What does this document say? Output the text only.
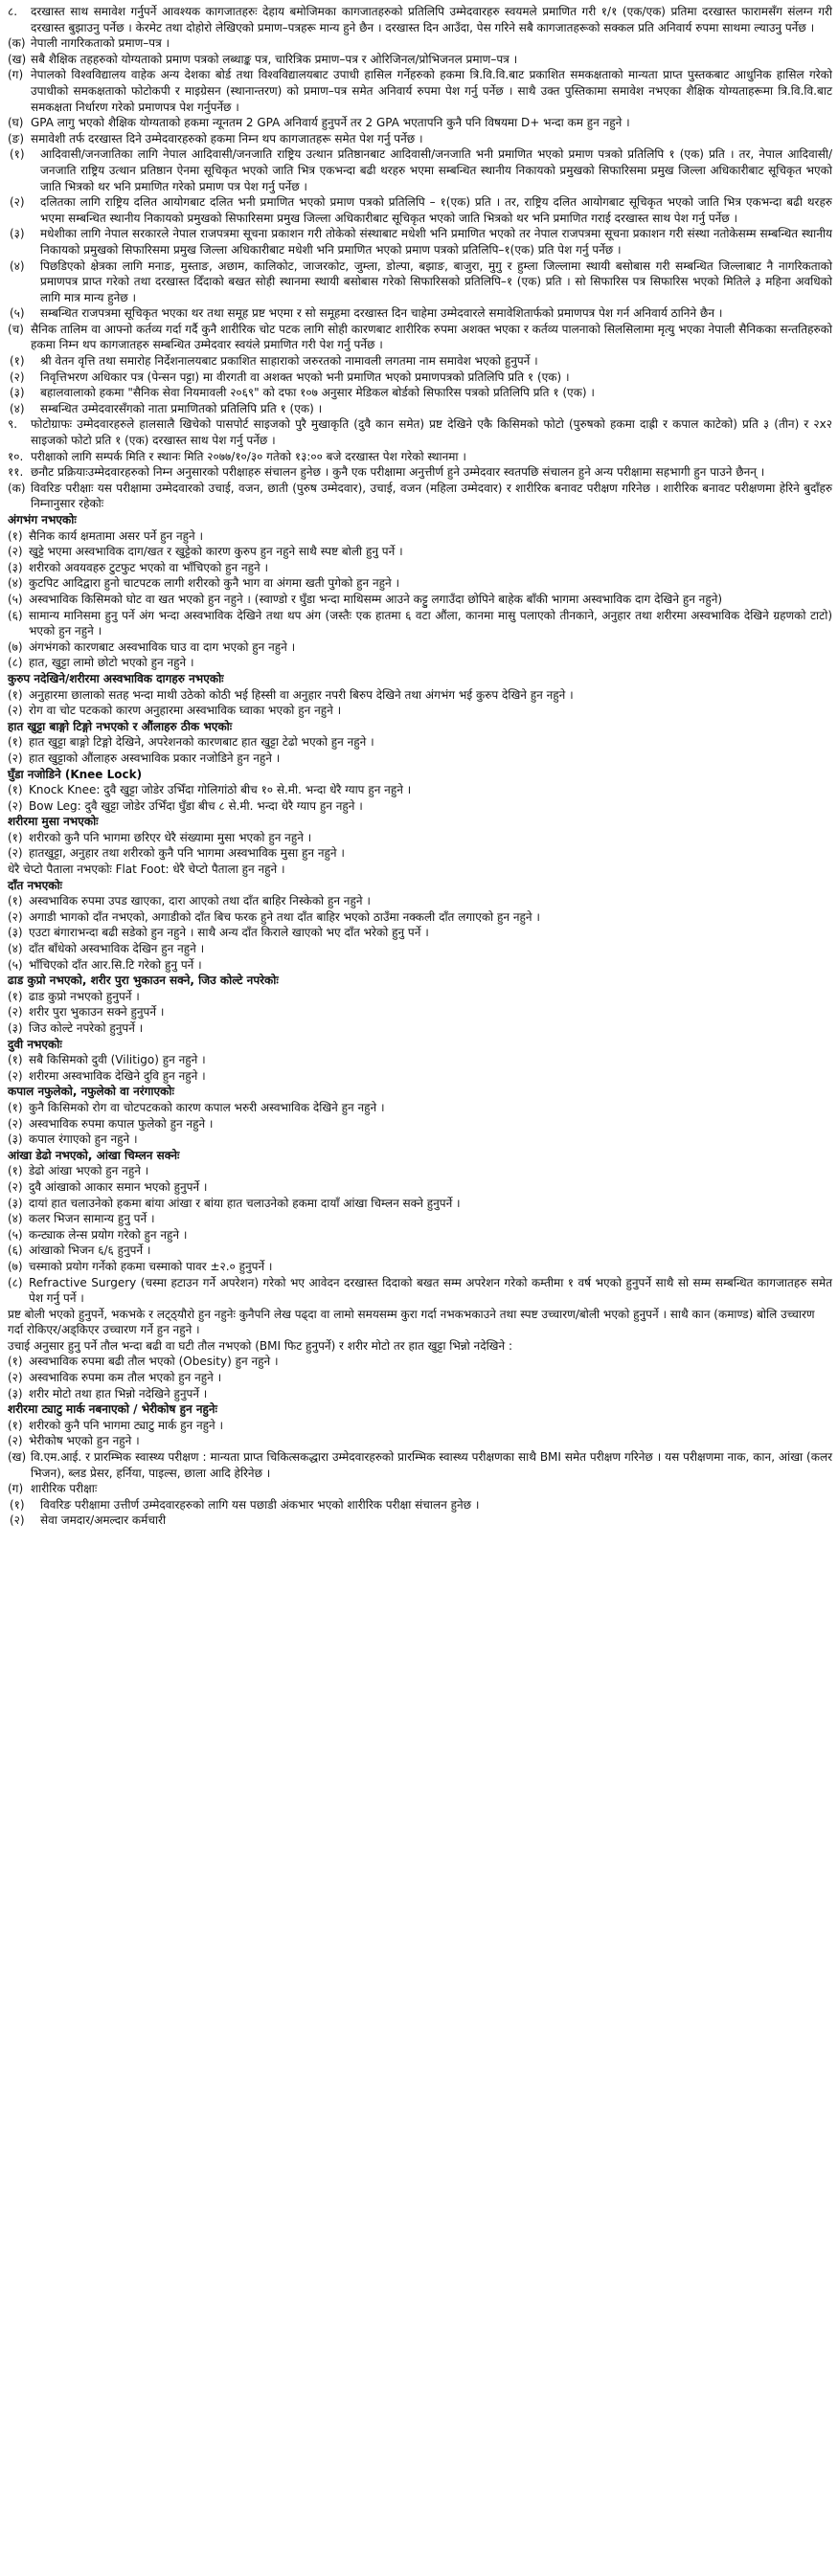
८.	दरखास्त साथ समावेश गर्नुपर्ने आवश्यक कागजातहरुः देहाय बमोजिमका कागजातहरुको प्रतिलिपि उम्मेदवारहरु स्वयमले प्रमाणित गरी १/१ (एक/एक) प्रतिमा दरखास्त फारामसँग संलग्न गरी दरखास्त बुझाउनु पर्नेछ । केरमेट तथा दोहोरो लेखिएको प्रमाण–पत्रहरू मान्य हुने छैन । दरखास्त दिन आउँदा, पेस गरिने सबै कागजातहरूको सक्कल प्रति अनिवार्य रुपमा साथमा ल्याउनु पर्नेछ ।
(क) नेपाली नागरिकताको प्रमाण–पत्र ।
(ख) सबै शैक्षिक तहहरुको योग्यताको प्रमाण पत्रको लब्धाङ्क पत्र, चारित्रिक प्रमाण–पत्र र ओरिजिनल/प्रोभिजनल प्रमाण–पत्र ।
(ग) नेपालको विश्वविद्यालय वाहेक अन्य देशका बोर्ड तथा विश्वविद्यालयबाट उपाधी हासिल गर्नेहरुको हकमा त्रि.वि.वि.बाट प्रकाशित समकक्षताको मान्यता प्राप्त पुस्तकबाट आधुनिक हासिल गरेको उपाधीको समकक्षताको फोटोकपी र माइग्रेसन (स्थानान्तरण) को प्रमाण–पत्र समेत अनिवार्य रुपमा पेश गर्नु पर्नेछ । साथै उक्त पुस्तिकामा समावेश नभएका शैक्षिक योग्यताहरूमा त्रि.वि.वि.बाट समकक्षता निर्धारण गरेको प्रमाणपत्र पेश गर्नुपर्नेछ ।
(घ) GPA लागु भएको शैक्षिक योग्यताको हकमा न्यूनतम 2 GPA अनिवार्य हुनुपर्ने तर 2 GPA भएतापनि कुनै पनि विषयमा D+ भन्दा कम हुन नहुने ।
(ङ) समावेशी तर्फ दरखास्त दिने उम्मेदवारहरुको हकमा निम्न थप कागजातहरू समेत पेश गर्नु पर्नेछ ।
(१)	आदिवासी/जनजातिका लागि नेपाल आदिवासी/जनजाति राष्ट्रिय उत्थान प्रतिष्ठानबाट आदिवासी/जनजाति भनी प्रमाणित भएको प्रमाण पत्रको प्रतिलिपि १ (एक) प्रति । तर, नेपाल आदिवासी/जनजाति राष्ट्रिय उत्थान प्रतिष्ठान ऐनमा सूचिकृत भएको जाति भित्र एकभन्दा बढी थरहरु भएमा सम्बन्धित स्थानीय निकायको प्रमुखको सिफारिसमा प्रमुख जिल्ला अधिकारीबाट सूचिकृत भएको जाति भित्रको थर भनि प्रमाणित गरेको प्रमाण पत्र पेश गर्नु पर्नेछ ।
(२)	दलितका लागि राष्ट्रिय दलित आयोगबाट दलित भनी प्रमाणित भएको प्रमाण पत्रको प्रतिलिपि – १(एक) प्रति । तर, राष्ट्रिय दलित आयोगबाट सूचिकृत भएको जाति भित्र एकभन्दा बढी थरहरु भएमा सम्बन्धित स्थानीय निकायको प्रमुखको सिफारिसमा प्रमुख जिल्ला अधिकारीबाट सूचिकृत भएको जाति भित्रको थर भनि प्रमाणित गराई दरखास्त साथ पेश गर्नु पर्नेछ ।
(३)	मधेशीका लागि नेपाल सरकारले नेपाल राजपत्रमा सूचना प्रकाशन गरी तोकेको संस्थाबाट मधेशी भनि प्रमाणित भएको तर नेपाल राजपत्रमा सूचना प्रकाशन गरी संस्था नतोकेसम्म सम्बन्धित स्थानीय निकायको प्रमुखको सिफारिसमा प्रमुख जिल्ला अधिकारीबाट मधेशी भनि प्रमाणित भएको प्रमाण पत्रको प्रतिलिपि–१(एक) प्रति पेश गर्नु पर्नेछ ।
(४)	पिछडिएको क्षेत्रका लागि मनाङ, मुस्ताङ, अछाम, कालिकोट, जाजरकोट, जुम्ला, डोल्पा, बझाङ, बाजुरा, मुगु र हुम्ला जिल्लामा स्थायी बसोबास गरी सम्बन्धित जिल्लाबाट नै नागरिकताको प्रमाणपत्र प्राप्त गरेको तथा दरखास्त दिँदाको बखत सोही स्थानमा स्थायी बसोबास गरेको सिफारिसको प्रतिलिपि–१ (एक) प्रति । सो सिफारिस पत्र सिफारिस भएको मितिले ३ महिना अवधिको लागि मात्र मान्य हुनेछ ।
(५)	सम्बन्धित राजपत्रमा सूचिकृत भएका थर तथा समूह प्रष्ट भएमा र सो समूहमा दरखास्त दिन चाहेमा उम्मेदवारले समावेशितार्फको प्रमाणपत्र पेश गर्न अनिवार्य ठानिने छैन ।
(च) सैनिक तालिम वा आफ्नो कर्तव्य गर्दा गर्दै कुनै शारीरिक चोट पटक लागि सोही कारणबाट शारीरिक रुपमा अशक्त भएका र कर्तव्य पालनाको सिलसिलामा मृत्यु भएका नेपाली सैनिकका सन्ततिहरुको हकमा निम्न थप कागजातहरु सम्बन्धित उम्मेदवार स्वयंले प्रमाणित गरी पेश गर्नु पर्नेछ ।
(१)	श्री वेतन वृत्ति तथा समारोह निर्देशनालयबाट प्रकाशित साहाराको जरुरतको नामावली लगतमा नाम समावेश भएको हुनुपर्ने ।
(२)	निवृत्तिभरण अधिकार पत्र (पेन्सन पट्टा) मा वीरगती वा अशक्त भएको भनी प्रमाणित भएको प्रमाणपत्रको प्रतिलिपि प्रति १ (एक) ।
(३)	बहालवालाको हकमा "सैनिक सेवा नियमावली २०६९" को दफा १०७ अनुसार मेडिकल बोर्डको सिफारिस पत्रको प्रतिलिपि प्रति १ (एक) ।
(४)	सम्बन्धित उम्मेदवारसँगको नाता प्रमाणितको प्रतिलिपि प्रति १ (एक) ।
९.	फोटोग्राफः उम्मेदवारहरुले हालसालै खिचेको पासपोर्ट साइजको पुरै मुखाकृति (दुवै कान समेत) प्रष्ट देखिने एकै किसिमको फोटो (पुरुषको हकमा दाह्री र कपाल काटेको) प्रति ३ (तीन) र २x२ साइजको फोटो प्रति १ (एक) दरखास्त साथ पेश गर्नु पर्नेछ ।
१०. परीक्षाको लागि सम्पर्क मिति र स्थानः मिति २०७७/१०/३० गतेको १३:०० बजे दरखास्त पेश गरेको स्थानमा ।
११. छनौट प्रक्रियाःउम्मेदवारहरुको निम्न अनुसारको परीक्षाहरु संचालन हुनेछ । कुनै एक परीक्षामा अनुत्तीर्ण हुने उम्मेदवार स्वतपछि संचालन हुने अन्य परीक्षामा सहभागी हुन पाउने छैनन् ।
(क) विवरिङ परीक्षाः यस परीक्षामा उम्मेदवारको उचाई, वजन, छाती (पुरुष उम्मेदवार), उचाई, वजन (महिला उम्मेदवार) र शारीरिक बनावट परीक्षण गरिनेछ । शारीरिक बनावट परीक्षणमा हेरिने बुदाँहरु निम्नानुसार रहेकोः
अंगभंग नभएकोः
(१) सैनिक कार्य क्षमतामा असर पर्ने हुन नहुने ।
(२) खुट्टे भएमा अस्वभाविक दाग/खत र खुट्टेको कारण कुरुप हुन नहुने साथै स्पष्ट बोली हुनु पर्ने ।
(३) शरीरको अवयवहरु टुटफुट भएको वा भाँचिएको हुन नहुने ।
(४) कुटपिट आदिद्वारा हुनो चाटपटक लागी शरीरको कुनै भाग वा अंगमा खती पुगेको हुन नहुने ।
(५) अस्वभाविक किसिमको घोट वा खत भएको हुन नहुने । (स्वाण्डो र घुँडा भन्दा माथिसम्म आउने कट्टु लगाउँदा छोपिने बाहेक बाँकी भागमा अस्वभाविक दाग देखिने हुन नहुने)
(६) सामान्य मानिसमा हुनु पर्ने अंग भन्दा अस्वभाविक देखिने तथा थप अंग (जस्तैः एक हातमा ६ वटा औंला, कानमा मासु पलाएको तीनकाने, अनुहार तथा शरीरमा अस्वभाविक देखिने ग्रहणको टाटो) भएको हुन नहुने ।
(७) अंगभंगको कारणबाट अस्वभाविक घाउ वा दाग भएको हुन नहुने ।
(८) हात, खुट्टा लामो छोटो भएको हुन नहुने ।
कुरुप नदेखिने/शरीरमा अस्वभाविक दागहरु नभएकोः
(१) अनुहारमा छालाको सतह भन्दा माथी उठेको कोठी भई हिस्सी वा अनुहार नपरी बिरुप देखिने तथा अंगभंग भई कुरुप देखिने हुन नहुने ।
(२) रोग वा चोट पटकको कारण अनुहारमा अस्वभाविक घ्वाका भएको हुन नहुने ।
हात खुट्टा बाङ्गो टिङ्गो नभएको र औंलाहरु ठीक भएकोः
(१) हात खुट्टा बाङ्गो टिङ्गो देखिने, अपरेशनको कारणबाट हात खुट्टा टेढो भएको हुन नहुने ।
(२) हात खुट्टाको औंलाहरु अस्वभाविक प्रकार नजोडिने हुन नहुने ।
घुँडा नजोडिने (Knee Lock)
(१) Knock Knee: दुवै खुट्टा जोडेर उभिँदा गोलिगांठो बीच १० से.मी. भन्दा धेरै ग्याप हुन नहुने ।
(२) Bow Leg: दुवै खुट्टा जोडेर उभिँदा घुँडा बीच ८ से.मी. भन्दा धेरै ग्याप हुन नहुने ।
शरीरमा मुसा नभएकोः
(१) शरीरको कुनै पनि भागमा छरिएर धेरै संख्यामा मुसा भएको हुन नहुने ।
(२) हातखुट्टा, अनुहार तथा शरीरको कुनै पनि भागमा अस्वभाविक मुसा हुन नहुने ।
धेरै चेप्टो पैताला नभएकोः Flat Foot: धेरै चेप्टो पैताला हुन नहुने ।
दाँत नभएकोः
(१) अस्वभाविक रुपमा उपड खाएका, दारा आएको तथा दाँत बाहिर निस्केको हुन नहुने ।
(२) अगाडी भागको दाँत नभएको, अगाडीको दाँत बिच फरक हुने तथा दाँत बाहिर भएको ठाउँमा नक्कली दाँत लगाएको हुन नहुने ।
(३) एउटा बंगाराभन्दा बढी सडेको हुन नहुने । साथै अन्य दाँत किराले खाएको भए दाँत भरेको हुनु पर्ने ।
(४) दाँत बाँधेको अस्वभाविक देखिन हुन नहुने ।
(५) भाँचिएको दाँत आर.सि.टि गरेको हुनु पर्ने ।
ढाड कुप्रो नभएको, शरीर पुरा भुकाउन सक्ने, जिउ कोल्टे नपरेकोः
(१) ढाड कुप्रो नभएको हुनुपर्ने ।
(२) शरीर पुरा भुकाउन सक्ने हुनुपर्ने ।
(३) जिउ कोल्टे नपरेको हुनुपर्ने ।
दुवी नभएकोः
(१) सबै किसिमको दुवी (Vilitigo) हुन नहुने ।
(२) शरीरमा अस्वभाविक देखिने दुवि हुन नहुने ।
कपाल नफुलेको, नफुलेको वा नरंगाएकोः
(१) कुनै किसिमको रोग वा चोटपटकको कारण कपाल भरुरी अस्वभाविक देखिने हुन नहुने ।
(२) अस्वभाविक रुपमा कपाल फुलेको हुन नहुने ।
(३) कपाल रंगाएको हुन नहुने ।
आंखा डेढो नभएको, आंखा चिम्लन सक्नेः
(१) डेढो आंखा भएको हुन नहुने ।
(२) दुवै आंखाको आकार समान भएको हुनुपर्ने ।
(३) दायां हात चलाउनेको हकमा बांया आंखा र बांया हात चलाउनेको हकमा दायाँ आंखा चिम्लन सक्ने हुनुपर्ने ।
(४) कलर भिजन सामान्य हुनु पर्ने ।
(५) कन्ट्याक लेन्स प्रयोग गरेको हुन नहुने ।
(६) आंखाको भिजन ६/६ हुनुपर्ने ।
(७) चस्माको प्रयोग गर्नेको हकमा चस्माको पावर ±२.० हुनुपर्ने ।
(८) Refractive Surgery (चस्मा हटाउन गर्ने अपरेशन) गरेको भए आवेदन दरखास्त दिदाको बखत सम्म अपरेशन गरेको कम्तीमा १ वर्ष भएको हुनुपर्ने साथै सो सम्म सम्बन्धित कागजातहरु समेत पेश गर्नु पर्ने ।
प्रष्ट बोली भएको हुनुपर्ने, भकभके र लट्ठ्यौरो हुन नहुनेः कुनैपनि लेख पढ्दा वा लामो समयसम्म कुरा गर्दा नभकभकाउने तथा स्पष्ट उच्चारण/बोली भएको हुनुपर्ने । साथै कान (कमाण्ड) बोलि उच्चारण गर्दा रोकिएर/अड्किएर उच्चारण गर्ने हुन नहुने ।
उचाई अनुसार हुनु पर्ने तौल भन्दा बढी वा घटी तौल नभएको (BMI फिट हुनुपर्ने) र शरीर मोटो तर हात खुट्टा भिन्नो नदेखिने :
(१) अस्वभाविक रुपमा बढी तौल भएको (Obesity) हुन नहुने ।
(२) अस्वभाविक रुपमा कम तौल भएको हुन नहुने ।
(३) शरीर मोटो तथा हात भिन्नो नदेखिने हुनुपर्ने ।
शरीरमा ट्याटु मार्क नबनाएको / भेरीकोष हुन नहुनेः
(१) शरीरको कुनै पनि भागमा ट्याटु मार्क हुन नहुने ।
(२) भेरीकोष भएको हुन नहुने ।
(ख) वि.एम.आई. र प्रारम्भिक स्वास्थ्य परीक्षण : मान्यता प्राप्त चिकित्सकद्धारा उम्मेदवारहरुको प्रारम्भिक स्वास्थ्य परीक्षणका साथै BMI समेत परीक्षण गरिनेछ । यस परीक्षणमा नाक, कान, आंखा (कलर भिजन), ब्लड प्रेसर, हर्निया, पाइल्स, छाला आदि हेरिनेछ ।
(ग) शारीरिक परीक्षाः
(१)	विवरिङ परीक्षामा उत्तीर्ण उम्मेदवारहरुको लागि यस पछाडी अंकभार भएको शारीरिक परीक्षा संचालन हुनेछ ।
(२)	सेवा जमदार/अमल्दार कर्मचारी
